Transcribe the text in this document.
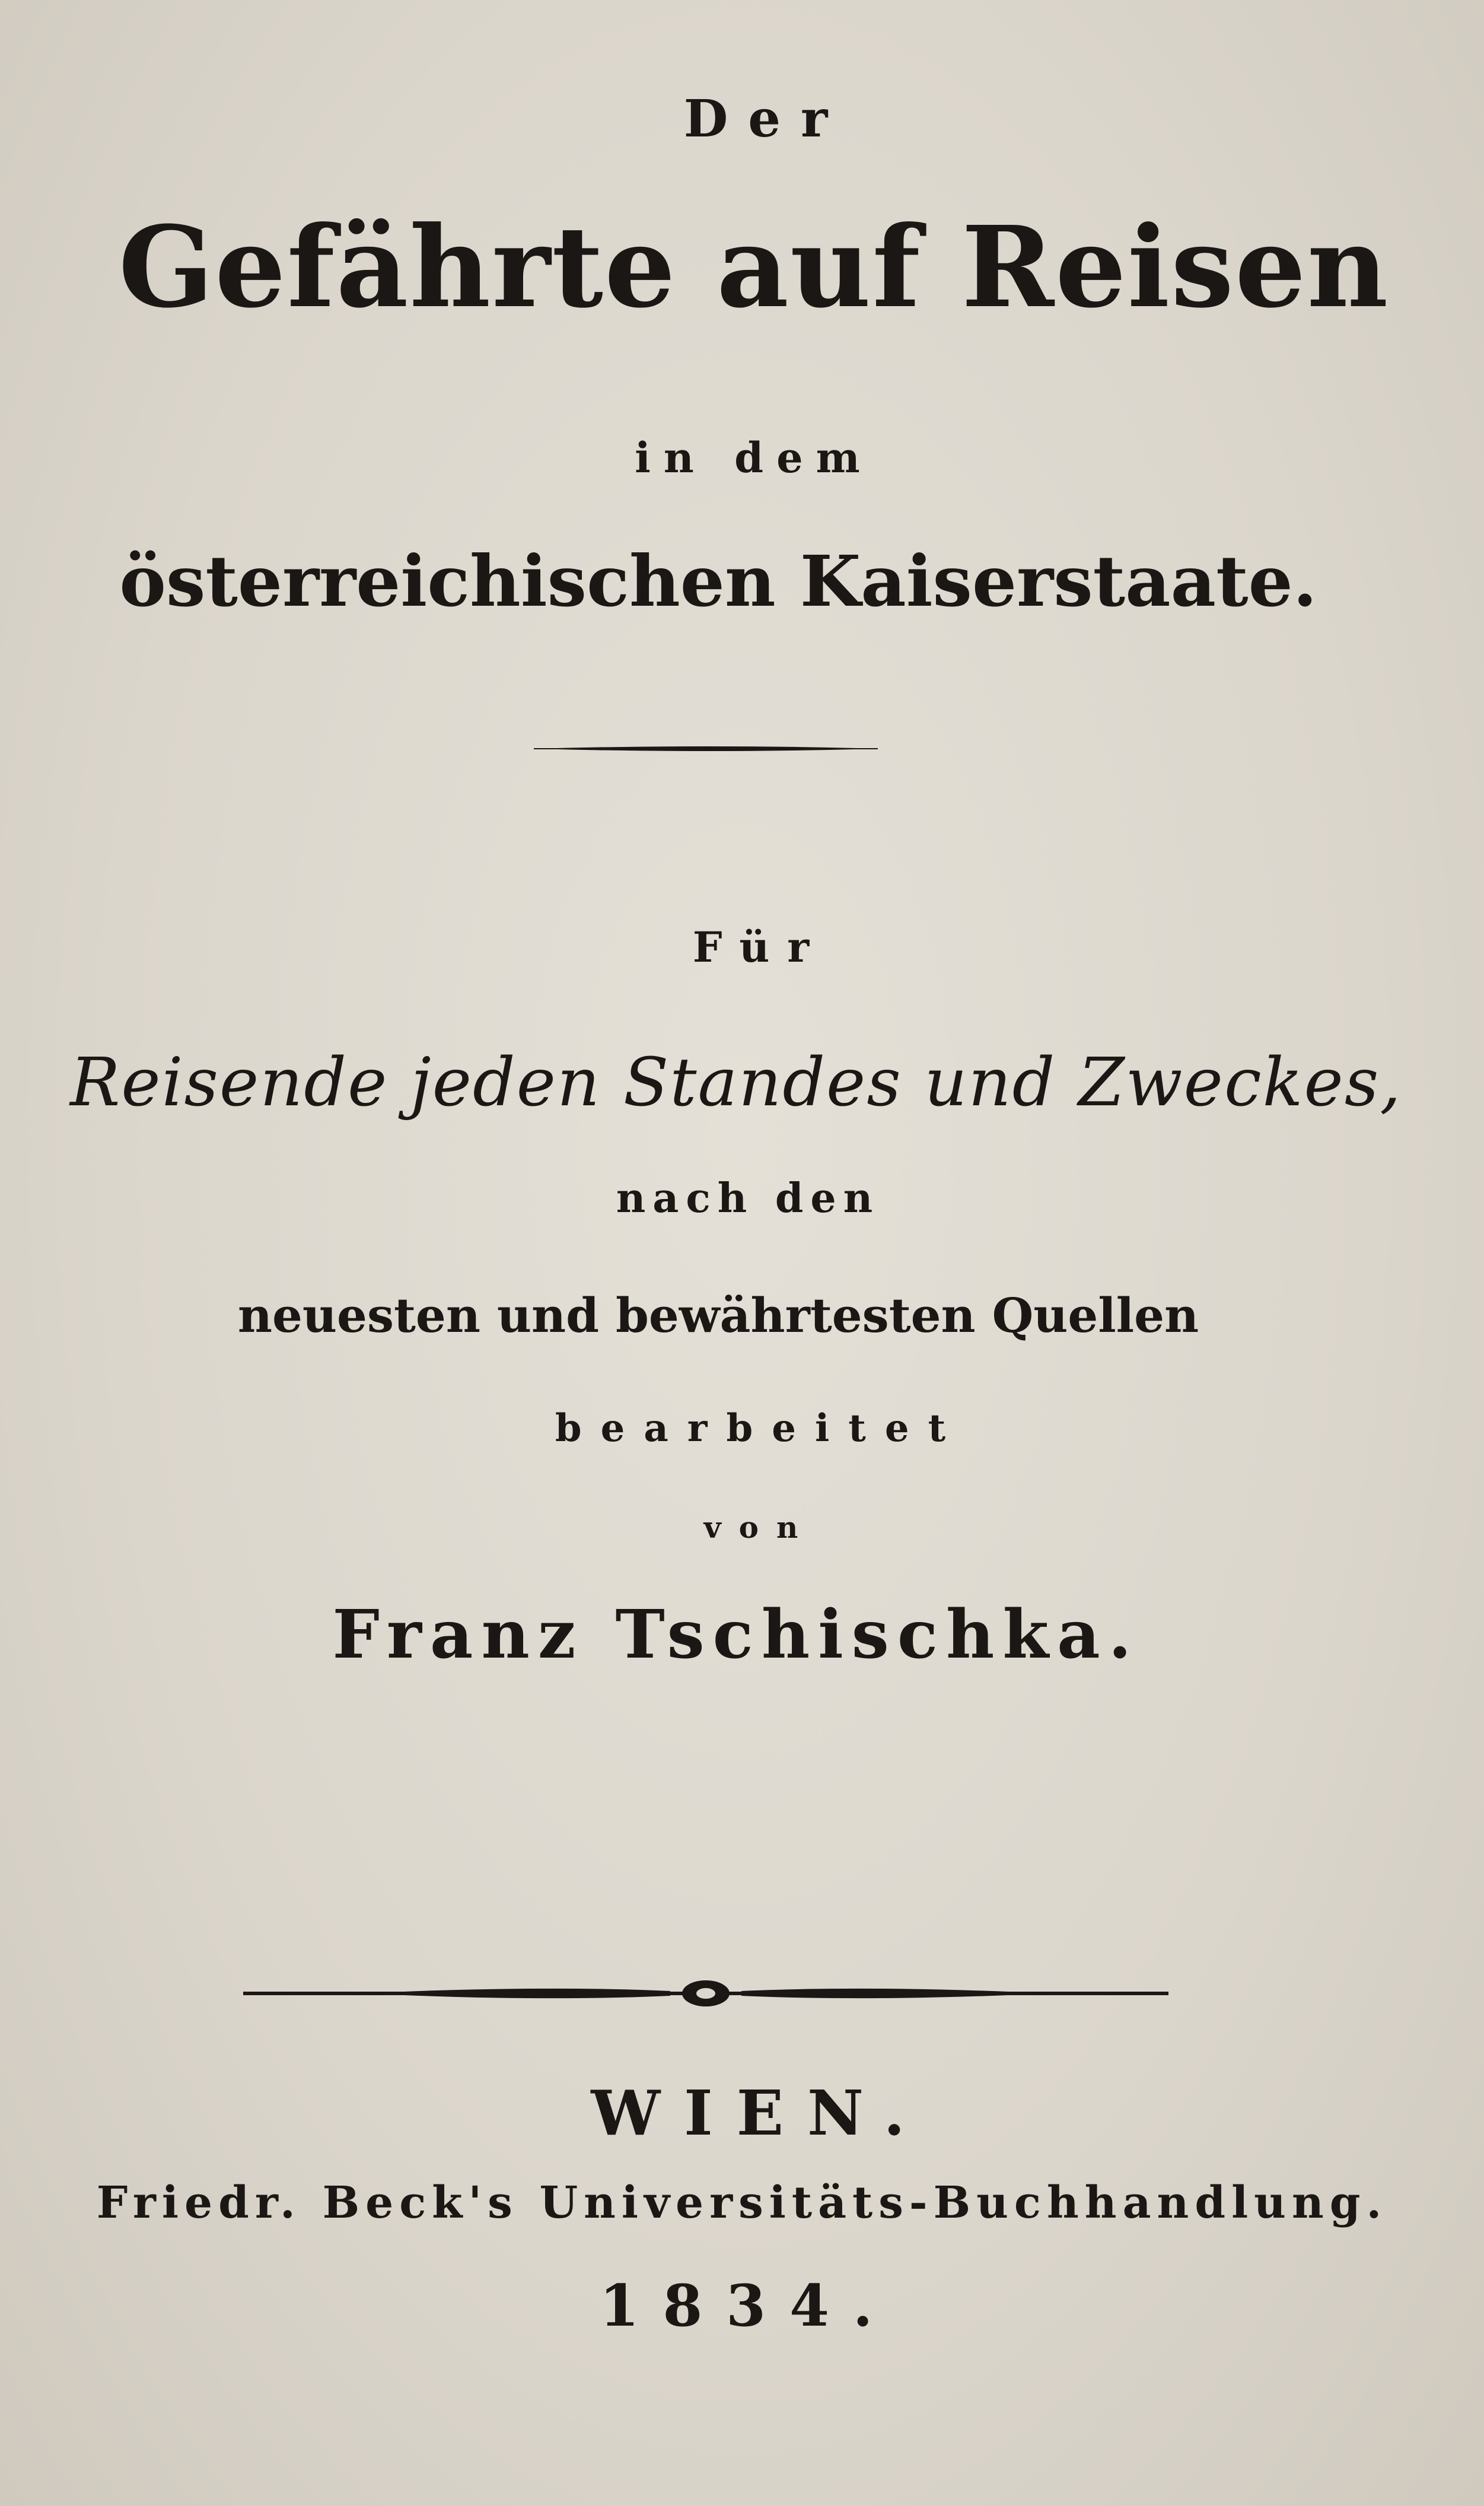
Der
Gefährte auf Reisen
in dem
österreichischen Kaiserstaate.
Für
Reisende jeden Standes und Zweckes,
nach den
neuesten und bewährtesten Quellen
bearbeitet
von
Franz Tschischka.
WIEN.
Friedr. Beck's Universitäts-Buchhandlung.
1834.
